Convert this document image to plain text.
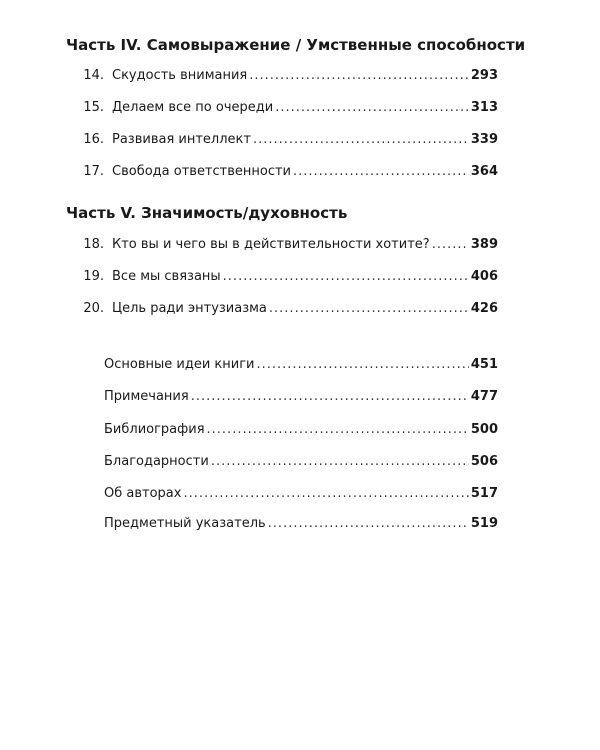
Часть IV. Самовыражение / Умственные способности
14. Скудость внимания .....	293
15. Делаем все по очереди .....	313
16. Развивая интеллект .....	339
17. Свобода ответственности .....	364
Часть V. Значимость/духовность
18. Кто вы и чего вы в действительности хотите? .....	389
19. Все мы связаны .....	406
20. Цель ради энтузиазма .....	426
Основные идеи книги .....	451
Примечания .....	477
Библиография .....	500
Благодарности .....	506
Об авторах .....	517
Предметный указатель .....	519
